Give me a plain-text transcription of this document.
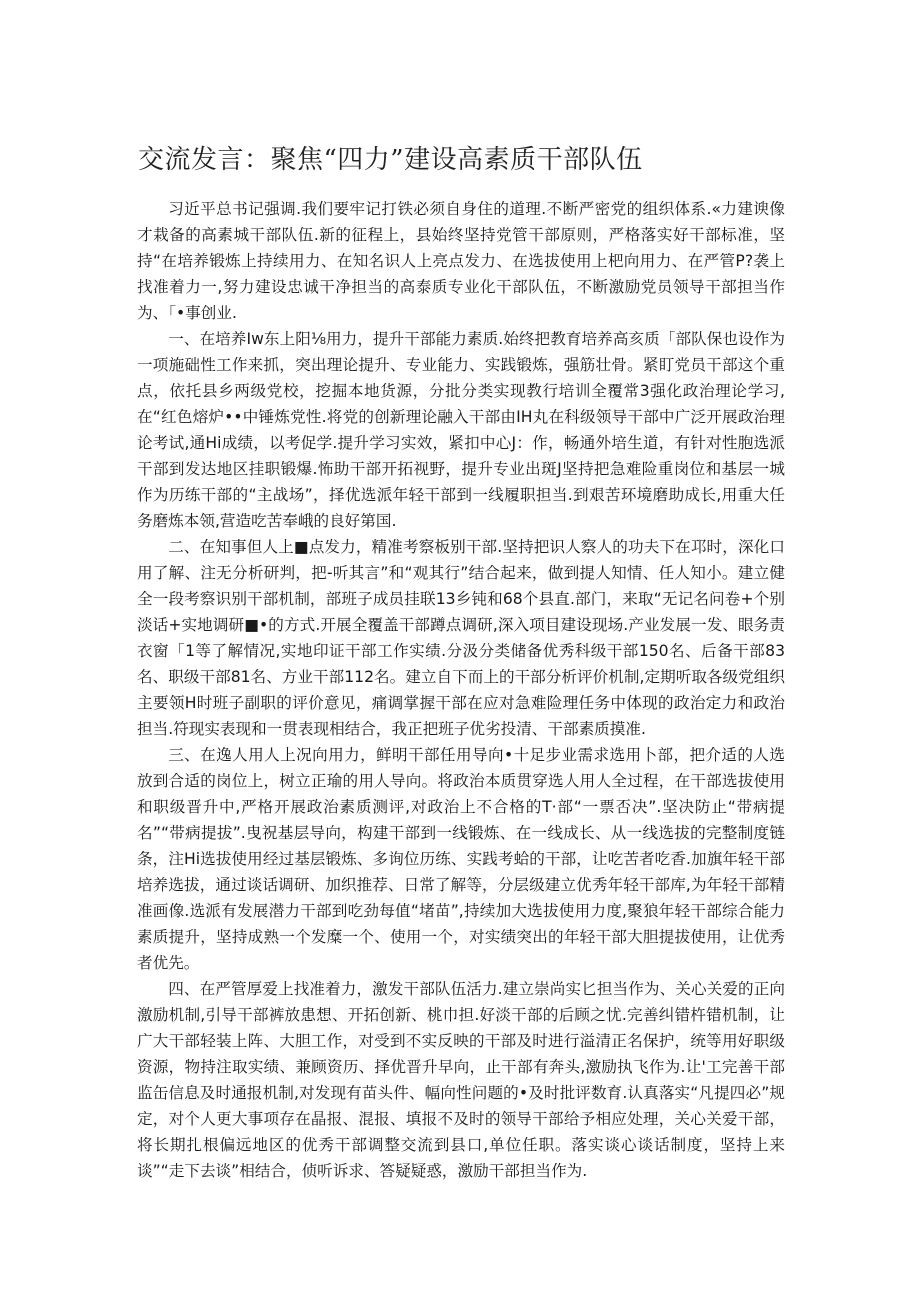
交流发言：聚焦“四力”建设高素质干部队伍

习近平总书记强调.我们要牢记打铁必须自身住的道理.不断严密党的组织体系.«力建谀像才栽备的高素城干部队伍.新的征程上，县始终坚持党管干部原则，严格落实好干部标准，坚持“在培养锻炼上持续用力、在知名识人上亮点发力、在选拔使用上杷向用力、在严管P?袭上找准着力一,努力建设忠诚干净担当的高泰质专业化干部队伍，不断激励党员领导干部担当作为、「•事创业.

一、在培养Iw东上阳⅛用力，提升干部能力素质.始终把教育培养高亥质「部队保也设作为一项施础性工作来抓，突出理论提升、专业能力、实践锻炼，强筋壮骨。紧盯党员干部这个重点，依托县乡两级党校，挖掘本地货源，分批分类实现教行培训全覆常3强化政治理论学习,在“红色熔炉••中锤炼党性.将党的创新理论融入干部由IH丸在科级领导干部中广泛开展政治理论考试,通Hi成绩，以考促学.提升学习实效，紧扣中心J：作，畅通外培生道，有针对性胞选派干部到发达地区挂职锻爆.怖助干部开拓视野，提升专业出斑J坚持把急难险重岗位和基层一城作为历练干部的“主战场”，择优选派年轻干部到一线履职担当.到艰苦环境磨助成长,用重大任务磨炼本领,营造吃苦奉峨的良好第国.

二、在知事但人上■点发力，精准考察板别干部.坚持把识人察人的功夫下在邛时，深化口用了解、注无分析研判，把-听其言”和“观其行”结合起来，做到提人知情、任人知小。建立健全一段考察识别干部机制，部班子成员挂联13乡钝和68个县直.部门，来取“无记名问卷+个别淡话+实地调研■•的方式.开展全覆盖干部蹲点调研,深入项目建设现场.产业发展一发、眼务责衣窗「1等了解情况,实地印证干部工作实绩.分汲分类储备优秀科级干部150名、后备干部83名、职级干部81名、方业干部112名。建立自下而上的干部分析评价机制,定期听取各级党组织主要领H时班子副职的评价意见，痛调掌握干部在应对急难险理任务中体现的政治定力和政治担当.符现实表现和一贯表现相结合，我正把班子优劣投清、干部素质摸准.

三、在逸人用人上况向用力，鲜明干部任用导向•十足步业需求选用卜部，把介适的人选放到合适的岗位上，树立正瑜的用人导向。将政治本质贯穿选人用人全过程，在干部选拔使用和职级晋升中,严格开展政治素质测评,对政治上不合格的T·部“一票否决”.坚决防止“带病提名”“带病提拔”.曳祝基层导向，构建干部到一线锻炼、在一线成长、从一线选拔的完整制度链条，注Hi选拔使用经过基层锻炼、多询位历练、实践考蛤的干部，让吃苦者吃香.加旗年轻干部培养选拔，通过谈话调研、加织推荐、日常了解等，分层级建立优秀年轻干部库,为年轻干部精准画像.选派有发展潜力干部到吃劲每值“堵苗”,持续加大选拔使用力度,聚狼年轻干部综合能力素质提升，坚持成熟一个发糜一个、使用一个，对实绩突出的年轻干部大胆提拔使用，让优秀者优先。

四、在严管厚爱上找准着力，激发干部队伍活力.建立崇尚实匕担当作为、关心关爱的正向激励机制,引导干部裤放患想、开拓创新、桃巾担.好淡干部的后顾之忧.完善纠错杵错机制，让广大干部轻装上阵、大胆工作，对受到不实反映的干部及时进行溢清正名保护，统等用好职级资源，物持注取实绩、兼顾资历、择优晋升早向，止干部有奔头,激励执飞作为.让'工完善干部监缶信息及时通报机制,对发现有苗头件、幅向性问题的•及时批评数育.认真落实“凡提四必”规定，对个人更大事项存在晶报、混报、填报不及时的领导干部给予相应处理，关心关爱干部，将长期扎根偏远地区的优秀干部调整交流到县口,单位任职。落实谈心谈话制度，坚持上来谈”“走下去谈”相结合，侦听诉求、答疑疑惑，激励干部担当作为.
